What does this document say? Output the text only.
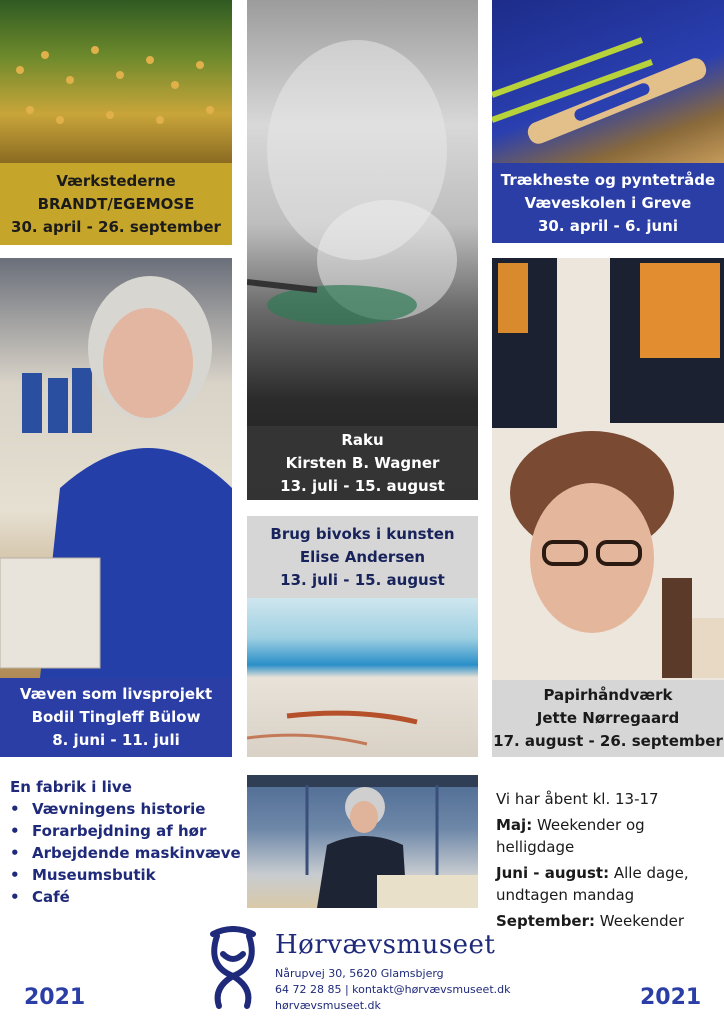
Værkstederne
BRANDT/EGEMOSE
30. april - 26. september
Raku
Kirsten B. Wagner
13. juli - 15. august
Trækheste og pyntetråde
Væveskolen i Greve
30. april - 6. juni
Væven som livsprojekt
Bodil Tingleff Bülow
8. juni - 11. juli
Brug bivoks i kunsten
Elise Andersen
13. juli - 15. august
Papirhåndværk
Jette Nørregaard
17. august - 26. september
En fabrik i live
• Vævningens historie
• Forarbejdning af hør
• Arbejdende maskinvæve
• Museumsbutik
• Café

Vi har åbent kl. 13-17

Maj: Weekender og helligdage

Juni - august: Alle dage, undtagen mandag

September: Weekender

2021	2021
Hørvævsmuseet
Nårupvej 30, 5620 Glamsbjerg
64 72 28 85 | kontakt@hørvævsmuseet.dk
hørvævsmuseet.dk
